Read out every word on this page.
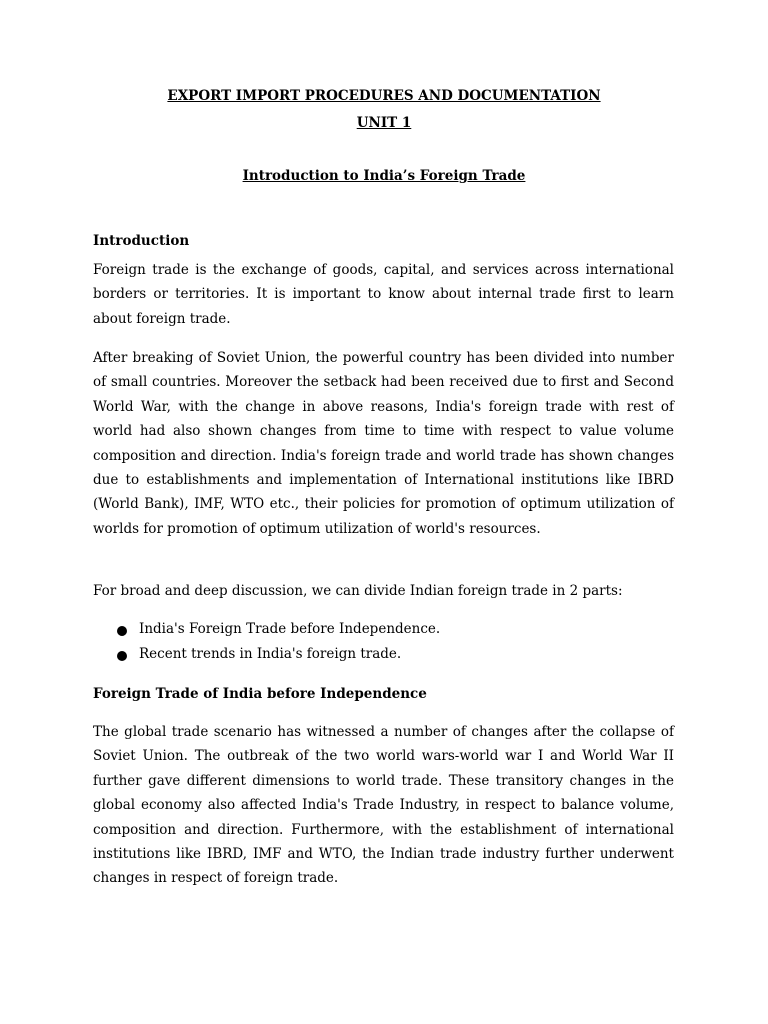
EXPORT IMPORT PROCEDURES AND DOCUMENTATION
UNIT 1
Introduction to India’s Foreign Trade
Introduction

Foreign trade is the exchange of goods, capital, and services across international borders or territories. It is important to know about internal trade first to learn about foreign trade.

After breaking of Soviet Union, the powerful country has been divided into number of small countries. Moreover the setback had been received due to first and Second World War, with the change in above reasons, India's foreign trade with rest of world had also shown changes from time to time with respect to value volume composition and direction. India's foreign trade and world trade has shown changes due to establishments and implementation of International institutions like IBRD (World Bank), IMF, WTO etc., their policies for promotion of optimum utilization of worlds for promotion of optimum utilization of world's resources.

For broad and deep discussion, we can divide Indian foreign trade in 2 parts:

India's Foreign Trade before Independence.
Recent trends in India's foreign trade.
Foreign Trade of India before Independence

The global trade scenario has witnessed a number of changes after the collapse of Soviet Union. The outbreak of the two world wars-world war I and World War II further gave different dimensions to world trade. These transitory changes in the global economy also affected India's Trade Industry, in respect to balance volume, composition and direction. Furthermore, with the establishment of international institutions like IBRD, IMF and WTO, the Indian trade industry further underwent changes in respect of foreign trade.
